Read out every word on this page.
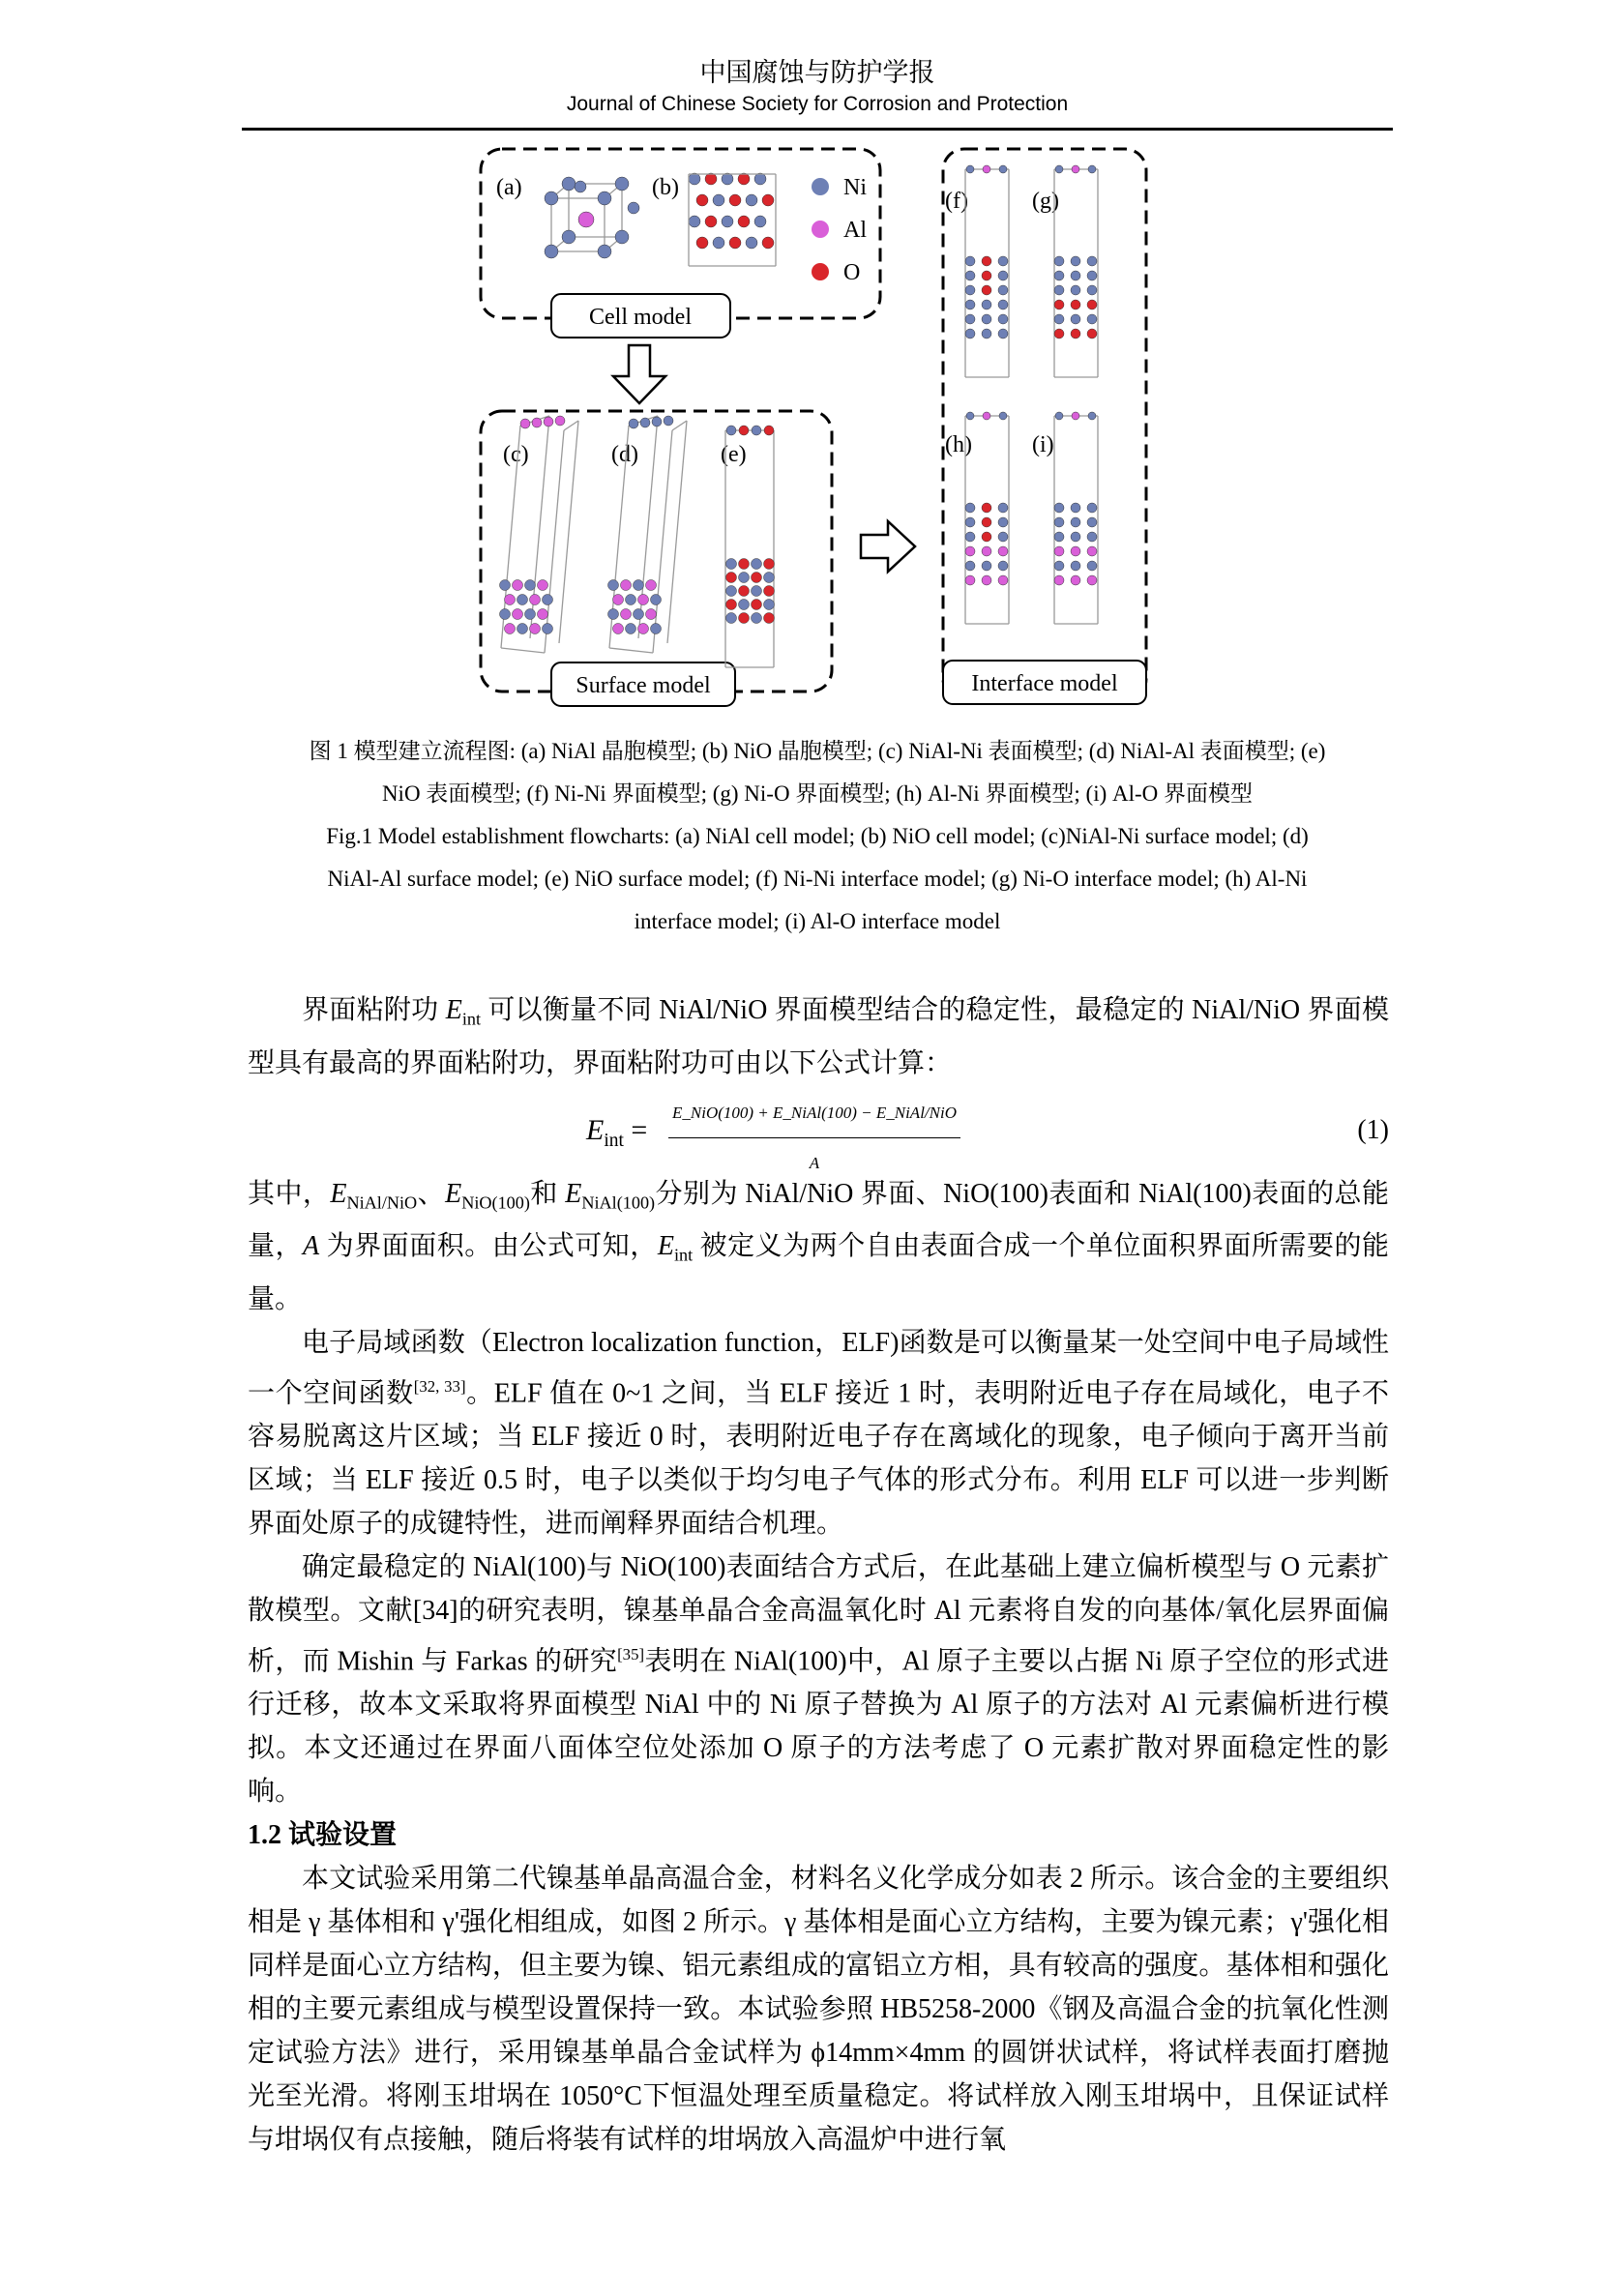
中国腐蚀与防护学报
Journal of Chinese Society for Corrosion and Protection
Cell model
Surface model	Interface model
(a)	(b)
(c)	(d)	(e)
(f)	(g)
(h)	(i)
Ni
Al
O

图 1 模型建立流程图: (a) NiAl 晶胞模型; (b) NiO 晶胞模型; (c) NiAl-Ni 表面模型; (d) NiAl-Al 表面模型; (e)

NiO 表面模型; (f) Ni-Ni 界面模型; (g) Ni-O 界面模型; (h) Al-Ni 界面模型; (i) Al-O 界面模型

Fig.1 Model establishment flowcharts: (a) NiAl cell model; (b) NiO cell model; (c)NiAl-Ni surface model; (d)

NiAl-Al surface model; (e) NiO surface model; (f) Ni-Ni interface model; (g) Ni-O interface model; (h) Al-Ni

interface model; (i) Al-O interface model

界面粘附功 $E_{int}$ 可以衡量不同 NiAl/NiO 界面模型结合的稳定性，最稳定的 NiAl/NiO 界面模型具有最高的界面粘附功，界面粘附功可由以下公式计算：

$E_{int}$ =
E_NiO(100) + E_NiAl(100) − E_NiAl/NiO
A
(1)

其中，$E_{NiAl/NiO}$、$E_{NiO(100)}$和 $E_{NiAl(100)}$分别为 NiAl/NiO 界面、NiO(100)表面和 NiAl(100)表面的总能量，A 为界面面积。由公式可知，$E_{int}$ 被定义为两个自由表面合成一个单位面积界面所需要的能量。

电子局域函数（Electron localization function，ELF)函数是可以衡量某一处空间中电子局域性一个空间函数[32, 33]。ELF 值在 0~1 之间，当 ELF 接近 1 时，表明附近电子存在局域化，电子不容易脱离这片区域；当 ELF 接近 0 时，表明附近电子存在离域化的现象，电子倾向于离开当前区域；当 ELF 接近 0.5 时，电子以类似于均匀电子气体的形式分布。利用 ELF 可以进一步判断界面处原子的成键特性，进而阐释界面结合机理。

确定最稳定的 NiAl(100)与 NiO(100)表面结合方式后，在此基础上建立偏析模型与 O 元素扩散模型。文献[34]的研究表明，镍基单晶合金高温氧化时 Al 元素将自发的向基体/氧化层界面偏析，而 Mishin 与 Farkas 的研究[35]表明在 NiAl(100)中，Al 原子主要以占据 Ni 原子空位的形式进行迁移，故本文采取将界面模型 NiAl 中的 Ni 原子替换为 Al 原子的方法对 Al 元素偏析进行模拟。本文还通过在界面八面体空位处添加 O 原子的方法考虑了 O 元素扩散对界面稳定性的影响。

1.2 试验设置

本文试验采用第二代镍基单晶高温合金，材料名义化学成分如表 2 所示。该合金的主要组织相是 γ 基体相和 γ'强化相组成，如图 2 所示。γ 基体相是面心立方结构，主要为镍元素；γ'强化相同样是面心立方结构，但主要为镍、铝元素组成的富铝立方相，具有较高的强度。基体相和强化相的主要元素组成与模型设置保持一致。本试验参照 HB5258-2000《钢及高温合金的抗氧化性测定试验方法》进行，采用镍基单晶合金试样为 ϕ14mm×4mm 的圆饼状试样，将试样表面打磨抛光至光滑。将刚玉坩埚在 1050°C下恒温处理至质量稳定。将试样放入刚玉坩埚中，且保证试样与坩埚仅有点接触，随后将装有试样的坩埚放入高温炉中进行氧
